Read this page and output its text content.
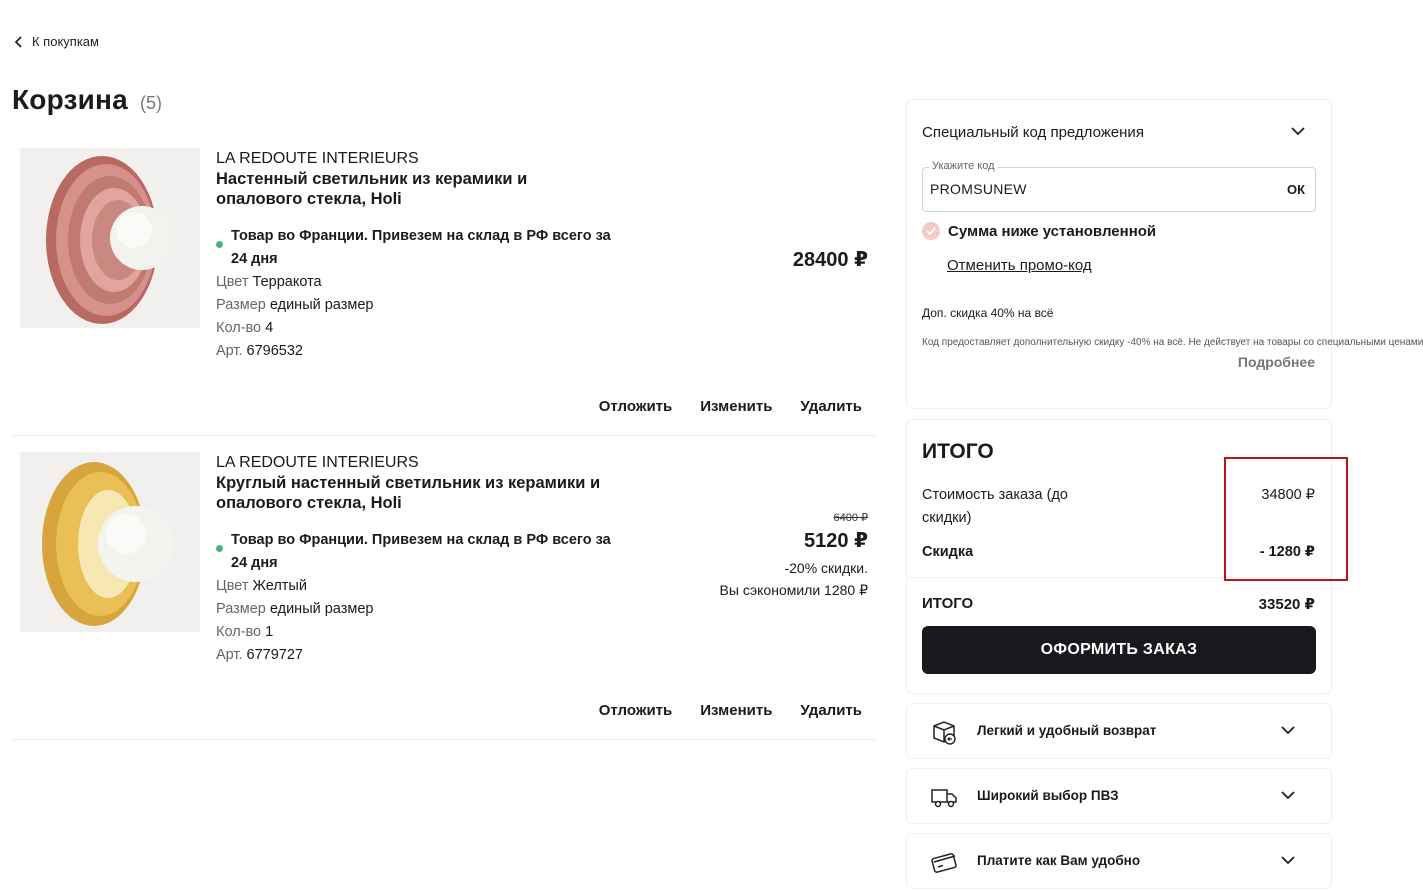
К покупкам
Корзина (5)
LA REDOUTE INTERIEURS
Настенный светильник из керамики и опалового стекла, Holi
Товар во Франции. Привезем на склад в РФ всего за 24 дня
Цвет Терракота
Размер единый размер
Кол-во 4
Арт. 6796532
28400 ₽
Отложить Изменить Удалить
LA REDOUTE INTERIEURS
Круглый настенный светильник из керамики и опалового стекла, Holi
Товар во Франции. Привезем на склад в РФ всего за 24 дня
Цвет Желтый
Размер единый размер
Кол-во 1
Арт. 6779727
6400 ₽
5120 ₽
-20% скидки.
Вы сэкономили 1280 ₽
Отложить Изменить Удалить
Специальный код предложения
Укажите код
PROMSUNEW	ОК
Сумма ниже установленной
Отменить промо-код
Доп. скидка 40% на всё
Код предоставляет дополнительную скидку -40% на всё. Не действует на товары со специальными ценами
Подробнее
ИТОГО
Стоимость заказа (до скидки)
34800 ₽
Скидка	- 1280 ₽
ИТОГО	33520 ₽
ОФОРМИТЬ ЗАКАЗ
Легкий и удобный возврат
Широкий выбор ПВЗ
Платите как Вам удобно
